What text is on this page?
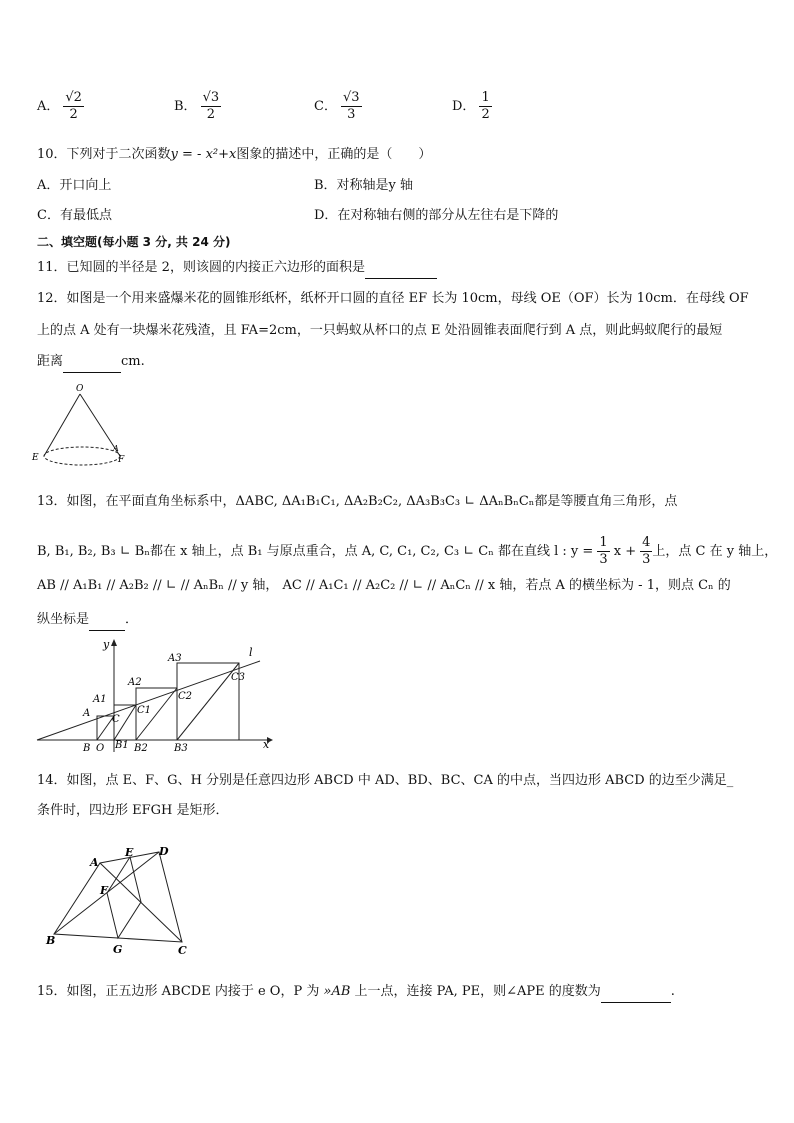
A． $\frac{√2}{2}$	B． $\frac{√3}{2}$	C． $\frac{√3}{3}$	D． $\frac{1}{2}$
10．下列对于二次函数y = - x²+x图象的描述中，正确的是（　　）
A．开口向上	B．对称轴是y 轴
C．有最低点	D．在对称轴右侧的部分从左往右是下降的
二、填空题(每小题 3 分, 共 24 分)
11．已知圆的半径是 2，则该圆的内接正六边形的面积是
12．如图是一个用来盛爆米花的圆锥形纸杯，纸杯开口圆的直径 EF 长为 10cm，母线 OE（OF）长为 10cm．在母线 OF
上的点 A 处有一块爆米花残渣，且 FA=2cm，一只蚂蚁从杯口的点 E 处沿圆锥表面爬行到 A 点，则此蚂蚁爬行的最短
距离	cm.
O
E
A
F
13．如图，在平面直角坐标系中，ΔABC, ΔA₁B₁C₁, ΔA₂B₂C₂, ΔA₃B₃C₃ ∟ ΔAₙBₙCₙ都是等腰直角三角形，点
B, B₁, B₂, B₃ ∟ Bₙ都在 x 轴上，点 B₁ 与原点重合，点 A, C, C₁, C₂, C₃ ∟ Cₙ 都在直线 l : $y = \frac{1}{3}$ $x + \frac{4}{3}$ 上，点 C 在 y 轴上，
AB // A₁B₁ // A₂B₂ // ∟ // AₙBₙ // y 轴， AC // A₁C₁ // A₂C₂ // ∟ // AₙCₙ // x 轴，若点 A 的横坐标为 - 1，则点 Cₙ 的
纵坐标是	．
y
x
l
A
A1
A2
A3
B O B1 B2	B3
C
C1
C2
C3
14．如图，点 E、F、G、H 分别是任意四边形 ABCD 中 AD、BD、BC、CA 的中点，当四边形 ABCD 的边至少满足_
条件时，四边形 EFGH 是矩形．
A
E D
F
B
G	C
15．如图，正五边形 ABCDE 内接于 e O，P 为 »AB 上一点，连接 PA, PE，则∠APE 的度数为	.
